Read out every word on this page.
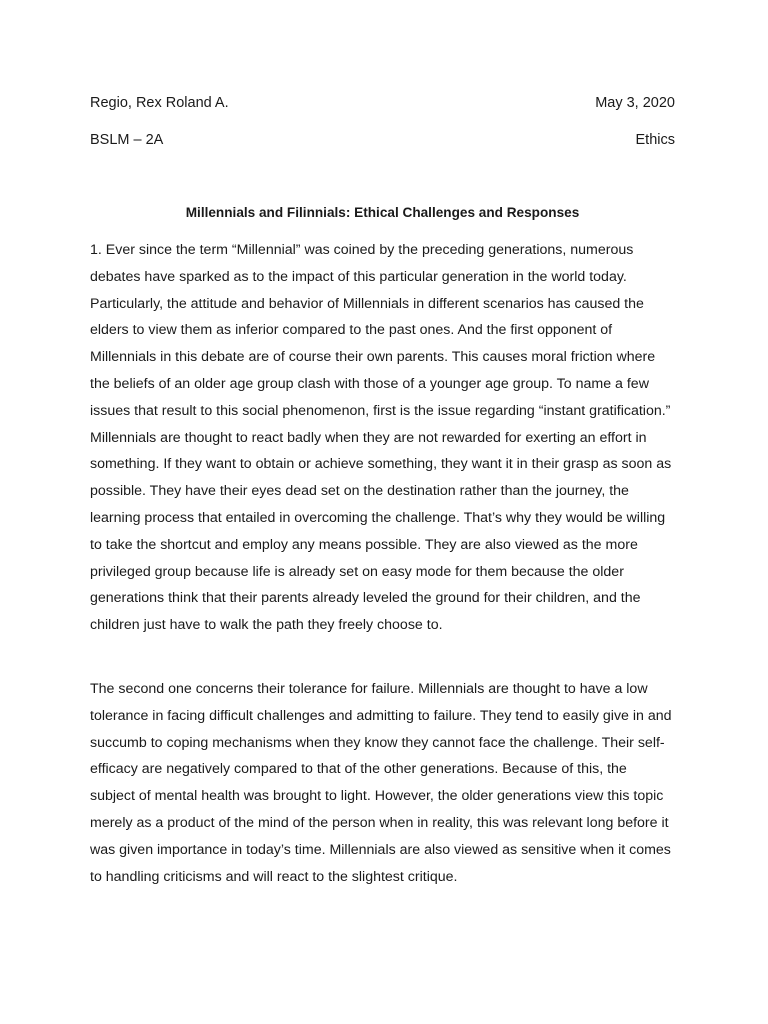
Regio, Rex Roland A.	May 3, 2020
BSLM – 2A	Ethics
Millennials and Filinnials: Ethical Challenges and Responses

1. Ever since the term “Millennial” was coined by the preceding generations, numerous debates have sparked as to the impact of this particular generation in the world today. Particularly, the attitude and behavior of Millennials in different scenarios has caused the elders to view them as inferior compared to the past ones. And the first opponent of Millennials in this debate are of course their own parents. This causes moral friction where the beliefs of an older age group clash with those of a younger age group. To name a few issues that result to this social phenomenon, first is the issue regarding “instant gratification.” Millennials are thought to react badly when they are not rewarded for exerting an effort in something. If they want to obtain or achieve something, they want it in their grasp as soon as possible. They have their eyes dead set on the destination rather than the journey, the learning process that entailed in overcoming the challenge. That’s why they would be willing to take the shortcut and employ any means possible. They are also viewed as the more privileged group because life is already set on easy mode for them because the older generations think that their parents already leveled the ground for their children, and the children just have to walk the path they freely choose to.

The second one concerns their tolerance for failure. Millennials are thought to have a low tolerance in facing difficult challenges and admitting to failure. They tend to easily give in and succumb to coping mechanisms when they know they cannot face the challenge. Their self-efficacy are negatively compared to that of the other generations. Because of this, the subject of mental health was brought to light. However, the older generations view this topic merely as a product of the mind of the person when in reality, this was relevant long before it was given importance in today’s time. Millennials are also viewed as sensitive when it comes to handling criticisms and will react to the slightest critique.
